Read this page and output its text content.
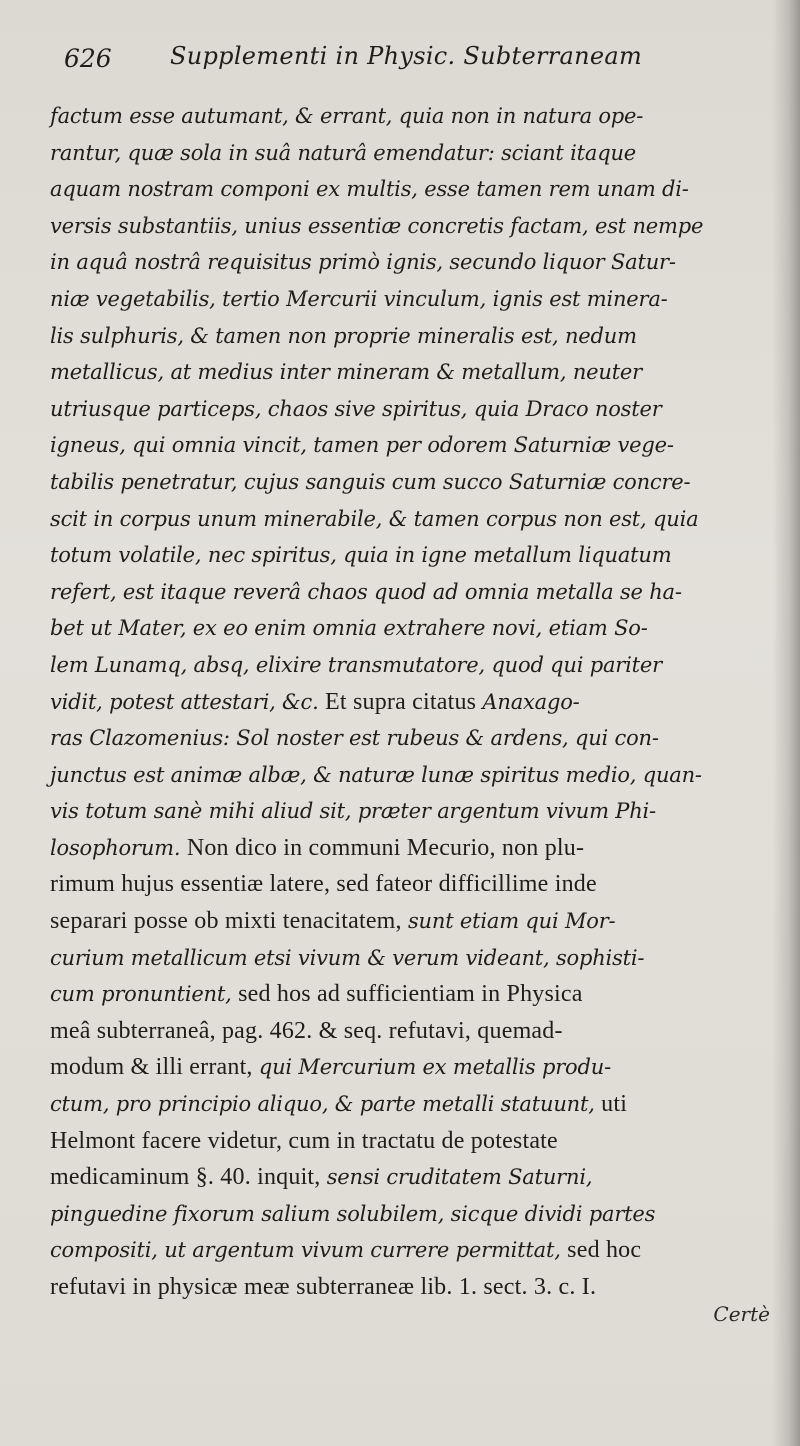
626 Supplementi in Physic. Subterraneam
factum esse autumant, & errant, quia non in natura ope-
rantur, quæ sola in suâ naturâ emendatur: sciant itaque
aquam nostram componi ex multis, esse tamen rem unam di-
versis substantiis, unius essentiæ concretis factam, est nempe
in aquâ nostrâ requisitus primò ignis, secundo liquor Satur-
niæ vegetabilis, tertio Mercurii vinculum, ignis est minera-
lis sulphuris, & tamen non proprie mineralis est, nedum
metallicus, at medius inter mineram & metallum, neuter
utriusque particeps, chaos sive spiritus, quia Draco noster
igneus, qui omnia vincit, tamen per odorem Saturniæ vege-
tabilis penetratur, cujus sanguis cum succo Saturniæ concre-
scit in corpus unum minerabile, & tamen corpus non est, quia
totum volatile, nec spiritus, quia in igne metallum liquatum
refert, est itaque reverâ chaos quod ad omnia metalla se ha-
bet ut Mater, ex eo enim omnia extrahere novi, etiam So-
lem Lunamq, absq, elixire transmutatore, quod qui pariter
vidit, potest attestari, &c. Et supra citatus Anaxago-
ras Clazomenius: Sol noster est rubeus & ardens, qui con-
junctus est animæ albæ, & naturæ lunæ spiritus medio, quan-
vis totum sanè mihi aliud sit, præter argentum vivum Phi-
losophorum. Non dico in communi Mecurio, non plu-
rimum hujus essentiæ latere, sed fateor difficillime inde
separari posse ob mixti tenacitatem, sunt etiam qui Mor-
curium metallicum etsi vivum & verum videant, sophisti-
cum pronuntient, sed hos ad sufficientiam in Physica
meâ subterraneâ, pag. 462. & seq. refutavi, quemad-
modum & illi errant, qui Mercurium ex metallis produ-
ctum, pro principio aliquo, & parte metalli statuunt, uti
Helmont facere videtur, cum in tractatu de potestate
medicaminum §. 40. inquit, sensi cruditatem Saturni,
pinguedine fixorum salium solubilem, sicque dividi partes
compositi, ut argentum vivum currere permittat, sed hoc
refutavi in physicæ meæ subterraneæ lib. 1. sect. 3. c. I.
Certè
